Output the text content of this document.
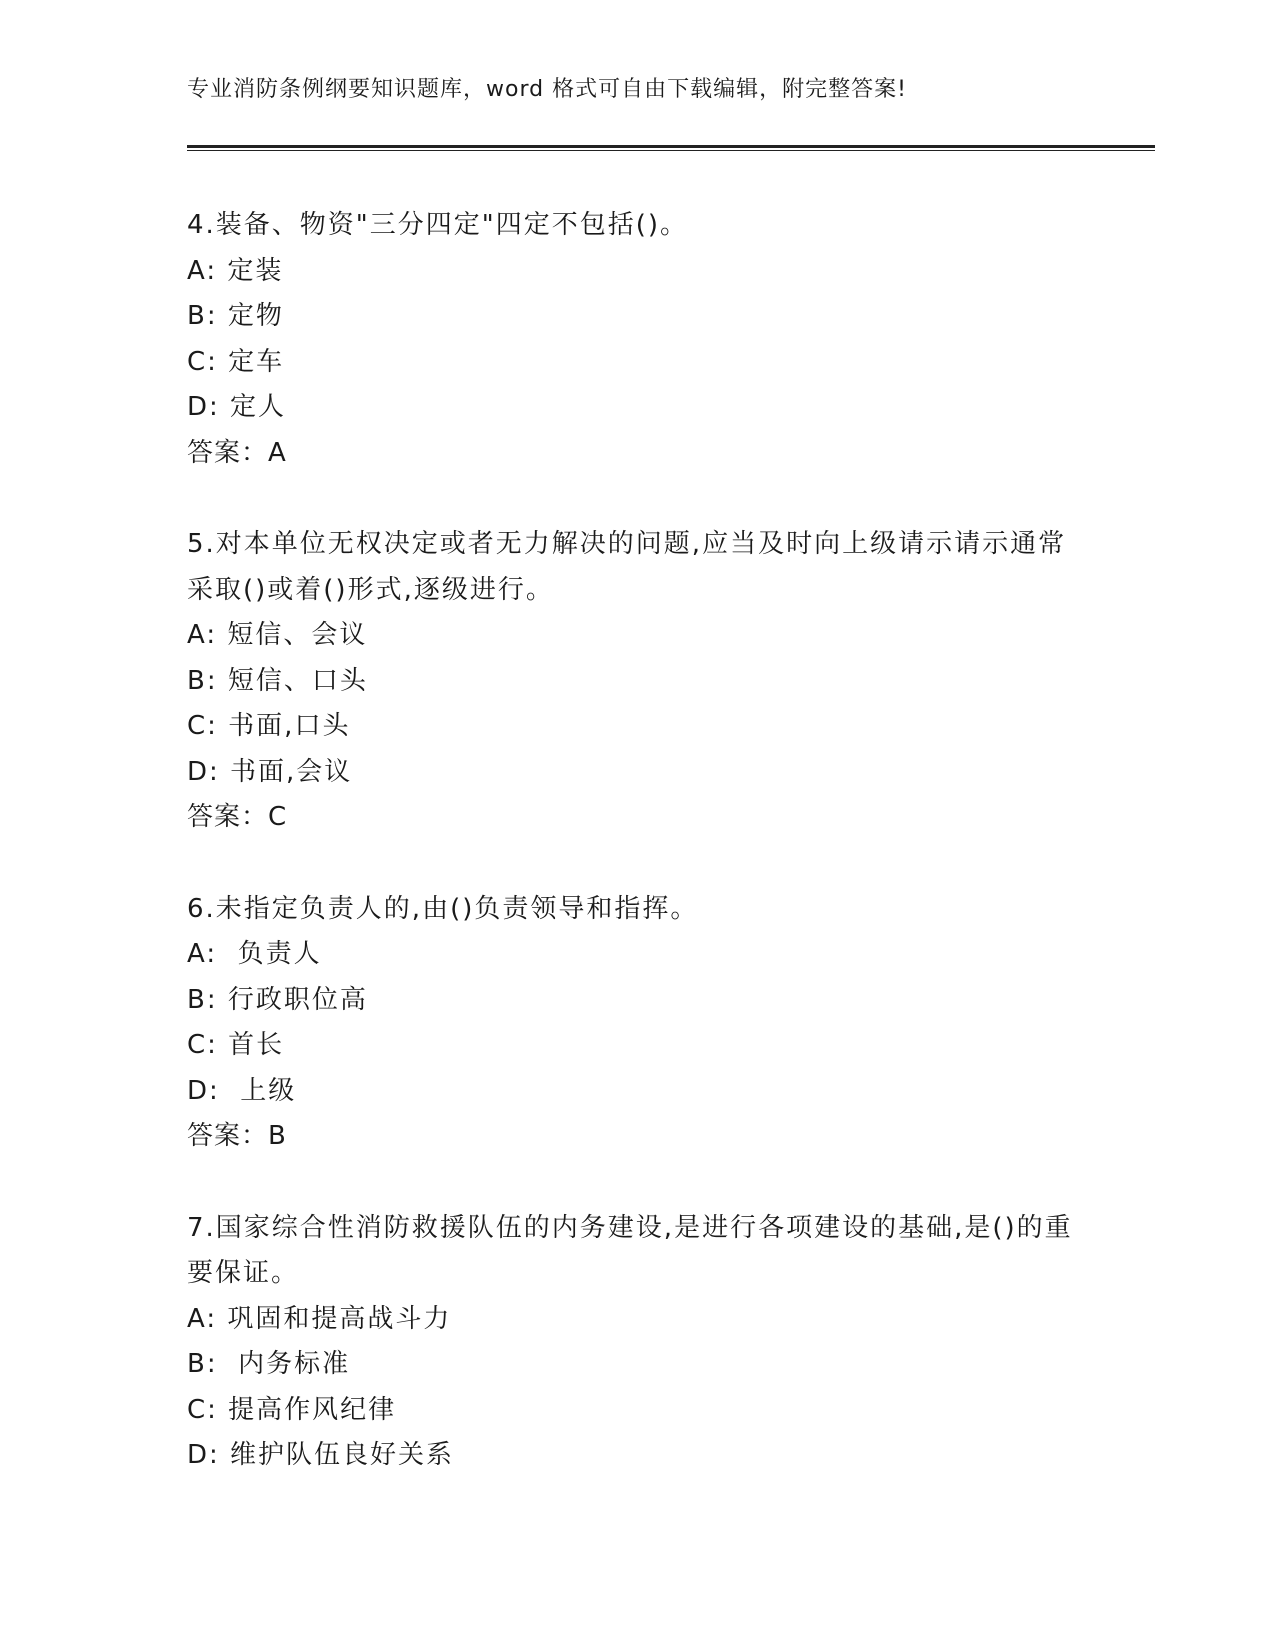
专业消防条例纲要知识题库，word 格式可自由下载编辑，附完整答案!
4.装备、物资"三分四定"四定不包括()。
A: 定装
B: 定物
C: 定车
D: 定人
答案：A
5.对本单位无权决定或者无力解决的问题,应当及时向上级请示请示通常采取()或着()形式,逐级进行。
A: 短信、会议
B: 短信、口头
C: 书面,口头
D: 书面,会议
答案：C
6.未指定负责人的,由()负责领导和指挥。
A:  负责人
B: 行政职位高
C: 首长
D:  上级
答案：B
7.国家综合性消防救援队伍的内务建设,是进行各项建设的基础,是()的重要保证。
A: 巩固和提高战斗力
B:  内务标准
C: 提高作风纪律
D: 维护队伍良好关系
